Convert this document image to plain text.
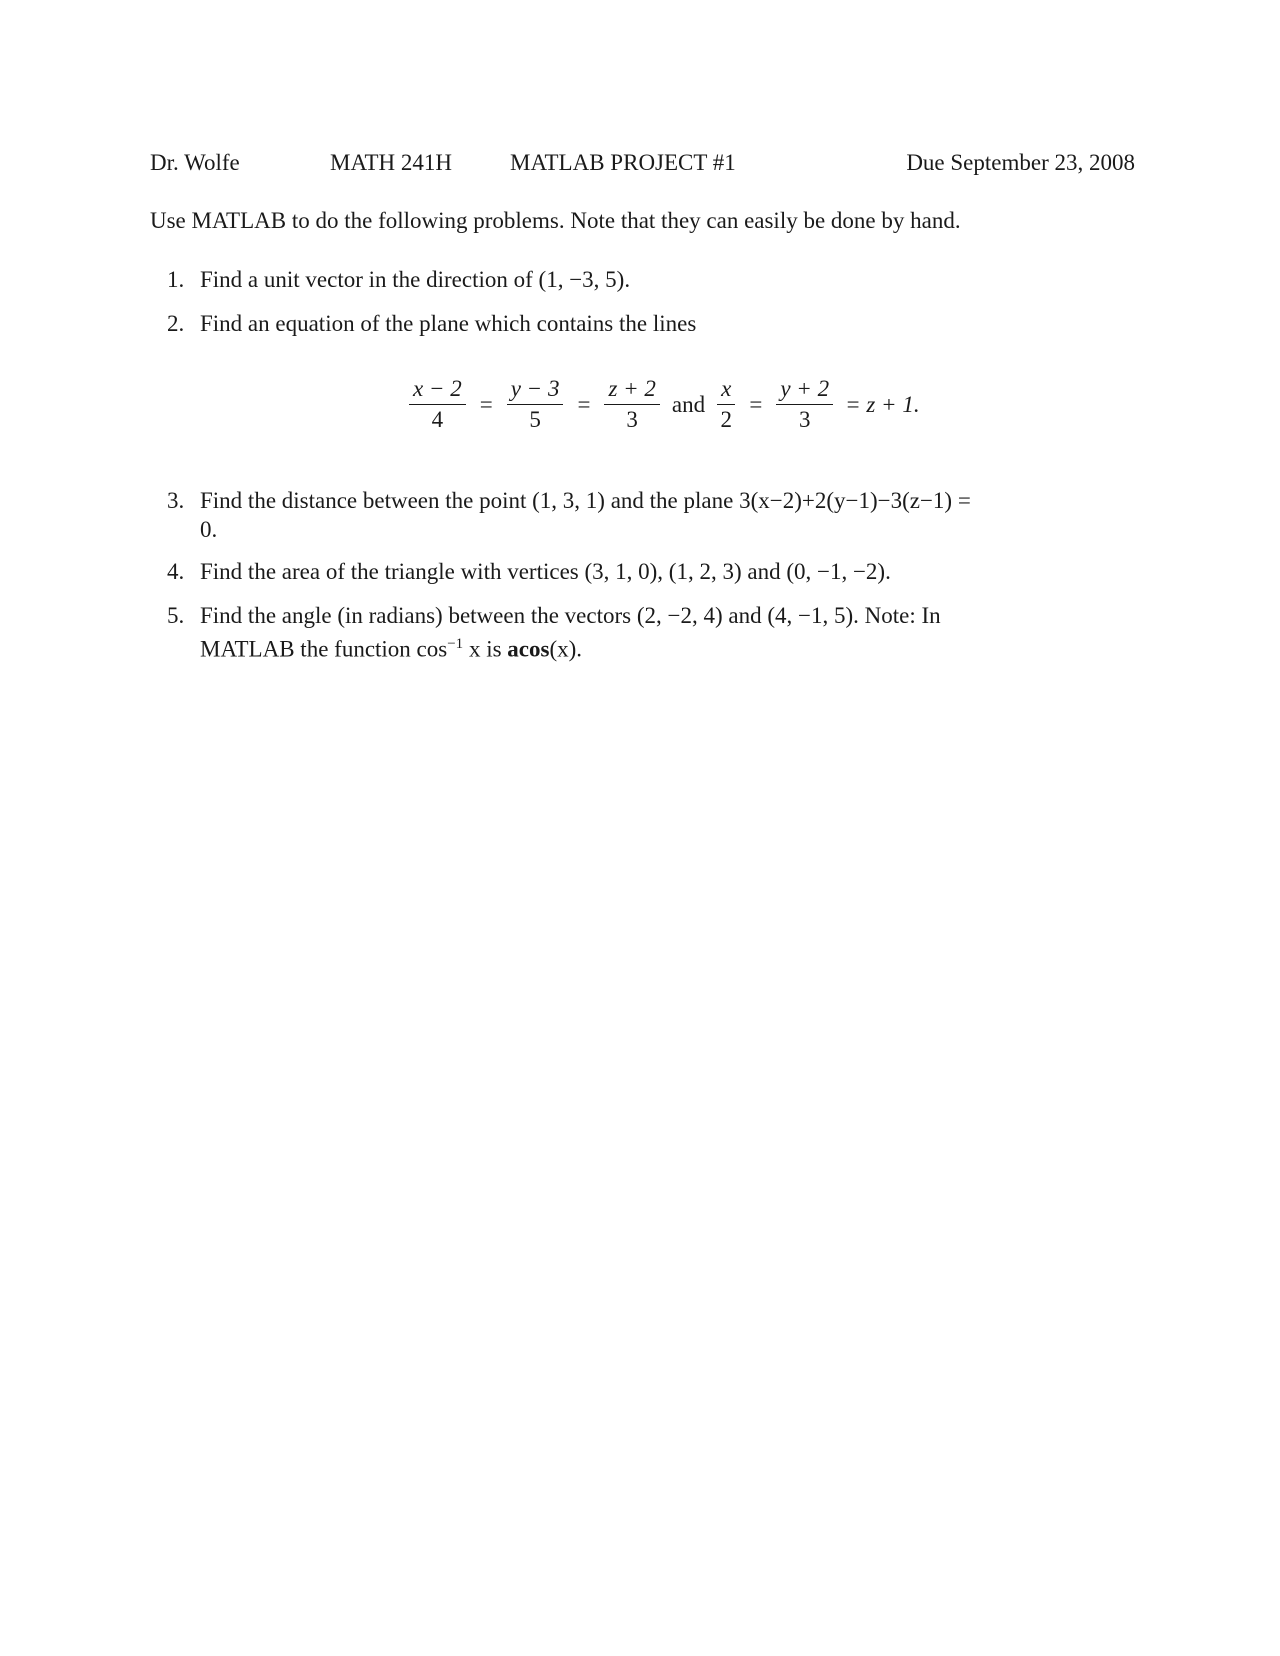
Dr. Wolfe	MATH 241H	MATLAB PROJECT #1	Due September 23, 2008
Use MATLAB to do the following problems. Note that they can easily be done by hand.
1. Find a unit vector in the direction of (1, −3, 5).
2. Find an equation of the plane which contains the lines
$\frac{x - 2}{4} = \frac{y - 3}{5} = \frac{z + 2}{3}$ and $\frac{x}{2} = \frac{y + 2}{3} = z + 1$.
3. Find the distance between the point (1, 3, 1) and the plane 3(x−2)+2(y−1)−3(z−1) =
0.
4. Find the area of the triangle with vertices (3, 1, 0), (1, 2, 3) and (0, −1, −2).
5. Find the angle (in radians) between the vectors (2, −2, 4) and (4, −1, 5). Note: In
MATLAB the function $\cos^{-1} x$ is acos(x).
